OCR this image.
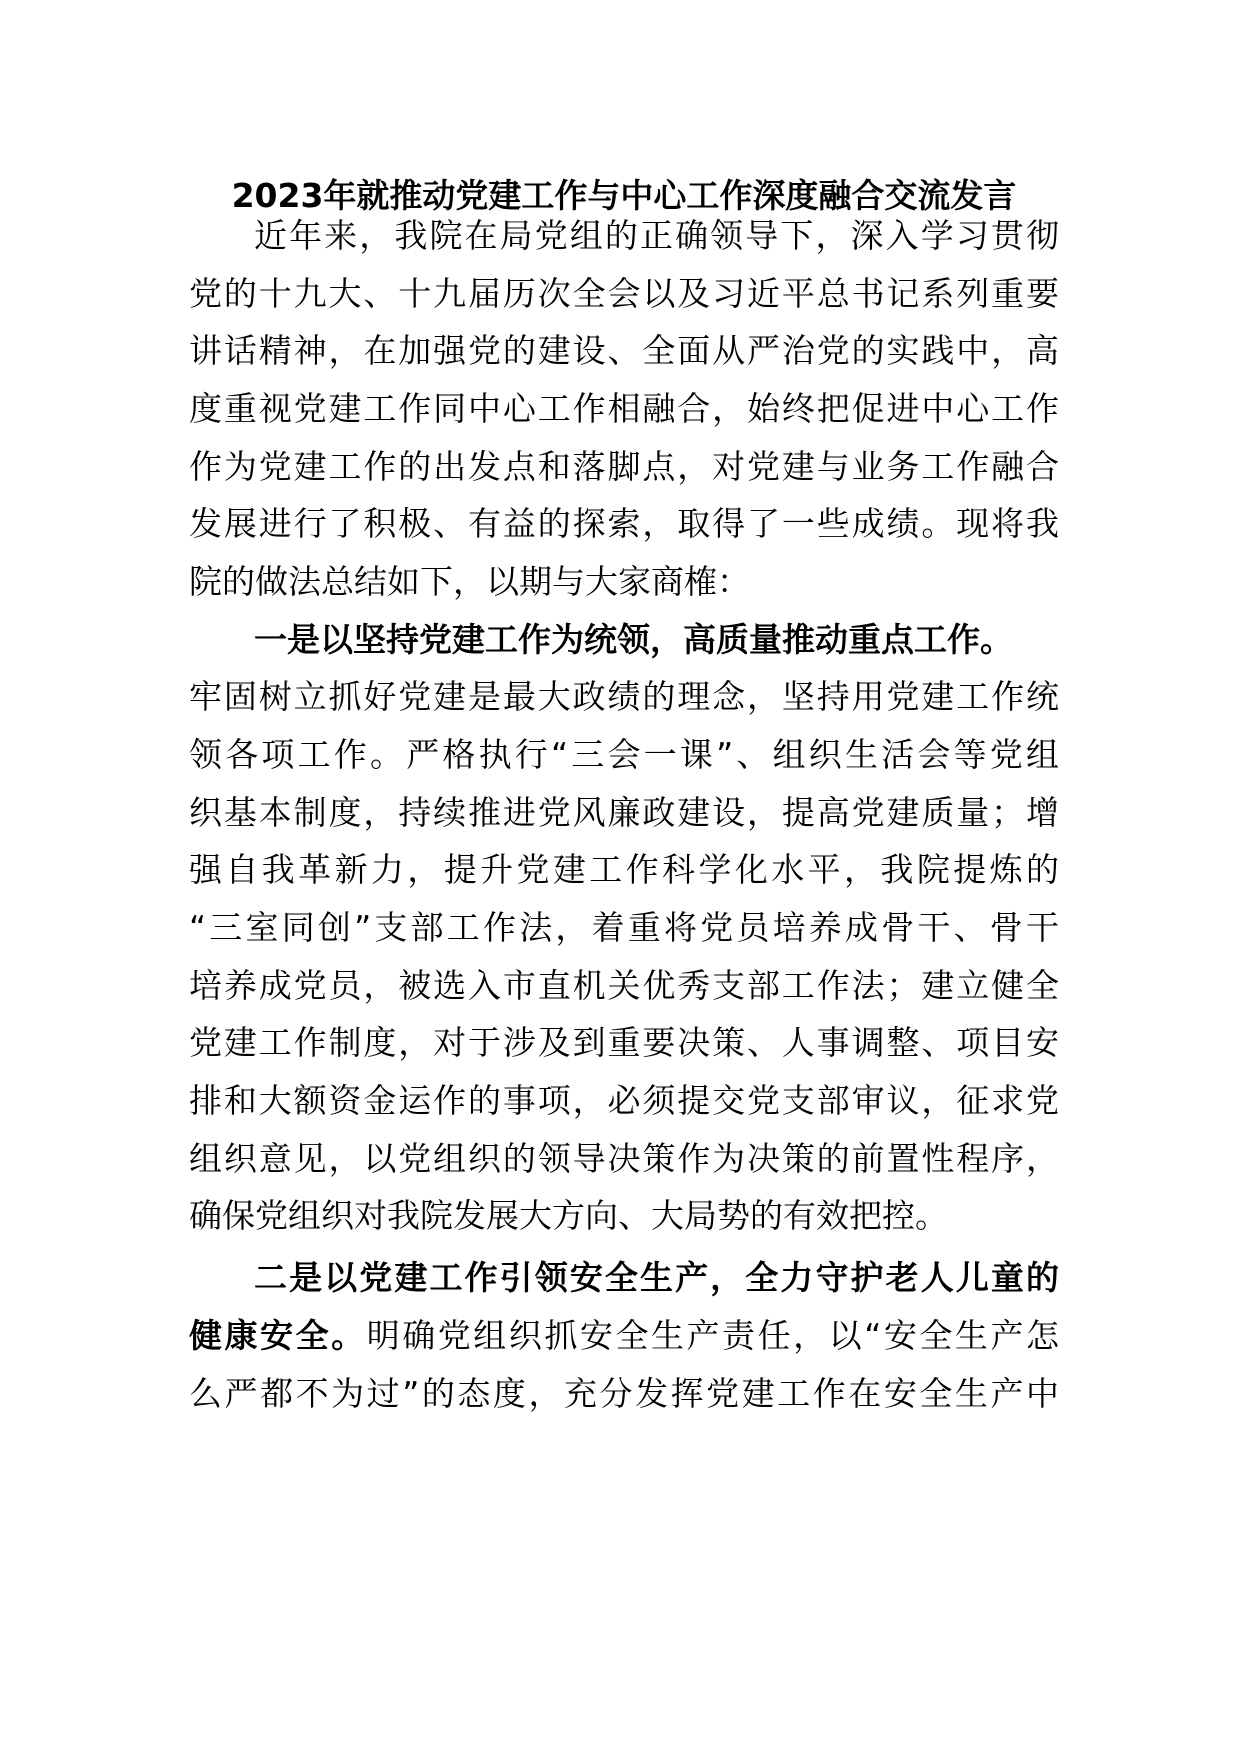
2023年就推动党建工作与中心工作深度融合交流发言
近年来，我院在局党组的正确领导下，深入学习贯彻
党的十九大、十九届历次全会以及习近平总书记系列重要
讲话精神，在加强党的建设、全面从严治党的实践中，高
度重视党建工作同中心工作相融合，始终把促进中心工作
作为党建工作的出发点和落脚点，对党建与业务工作融合
发展进行了积极、有益的探索，取得了一些成绩。现将我
院的做法总结如下，以期与大家商榷：
一是以坚持党建工作为统领，高质量推动重点工作。
牢固树立抓好党建是最大政绩的理念，坚持用党建工作统
领各项工作。严格执行“三会一课”、组织生活会等党组
织基本制度，持续推进党风廉政建设，提高党建质量；增
强自我革新力，提升党建工作科学化水平，我院提炼的
“三室同创”支部工作法，着重将党员培养成骨干、骨干
培养成党员，被选入市直机关优秀支部工作法；建立健全
党建工作制度，对于涉及到重要决策、人事调整、项目安
排和大额资金运作的事项，必须提交党支部审议，征求党
组织意见，以党组织的领导决策作为决策的前置性程序，
确保党组织对我院发展大方向、大局势的有效把控。
二是以党建工作引领安全生产，全力守护老人儿童的
健康安全。明确党组织抓安全生产责任，以“安全生产怎
么严都不为过”的态度，充分发挥党建工作在安全生产中
